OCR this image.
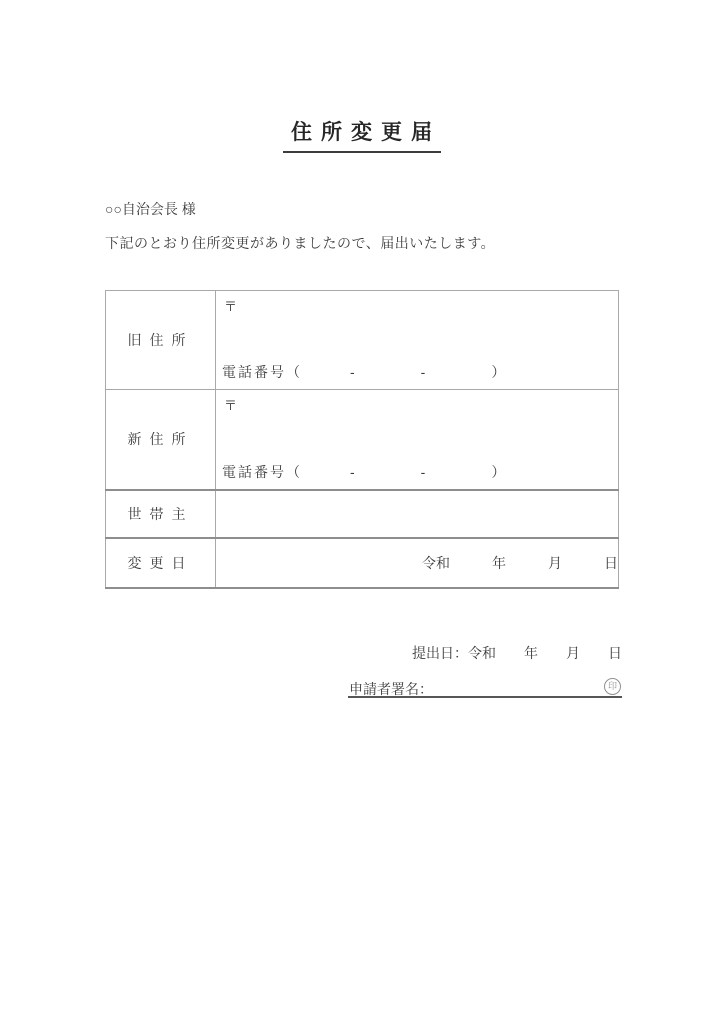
住所変更届
○○自治会長 様
下記のとおり住所変更がありましたので、届出いたします。
旧住所	〒
電話番号（　　　-　　　　-　　　　）

新住所	〒
電話番号（　　　-　　　　-　　　　）

世帯主	
変更日	令和　　　年　　　月　　　日
提出日：令和　　年　　月　　日
申請者署名：	印
